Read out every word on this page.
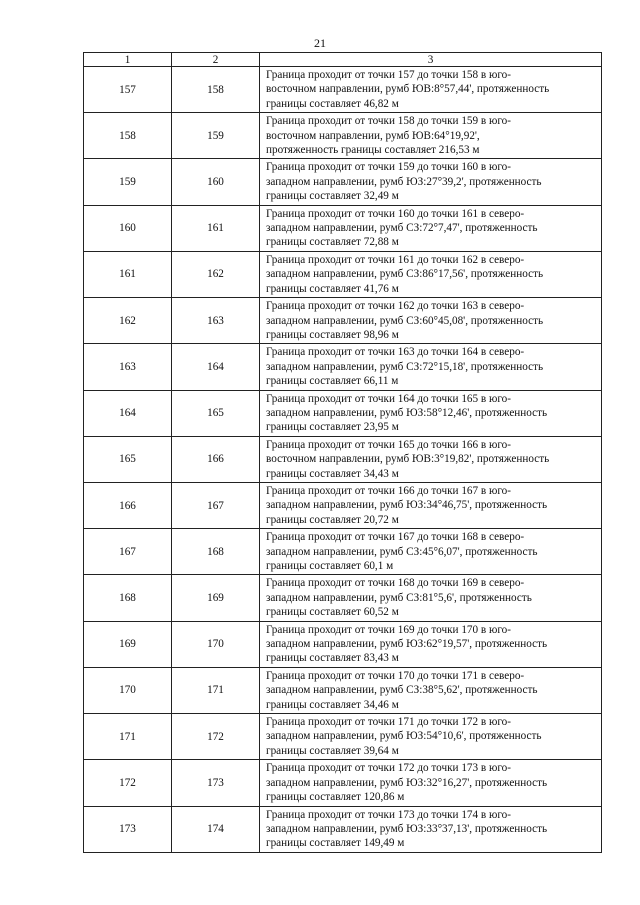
21
1	2	3
157	158	Граница проходит от точки 157 до точки 158 в юго-
восточном направлении, румб ЮВ:8°57,44', протяженность
границы составляет 46,82 м

158	159	Граница проходит от точки 158 до точки 159 в юго-
восточном направлении, румб ЮВ:64°19,92',
протяженность границы составляет 216,53 м

159	160	Граница проходит от точки 159 до точки 160 в юго-
западном направлении, румб ЮЗ:27°39,2', протяженность
границы составляет 32,49 м

160	161	Граница проходит от точки 160 до точки 161 в северо-
западном направлении, румб СЗ:72°7,47', протяженность
границы составляет 72,88 м

161	162	Граница проходит от точки 161 до точки 162 в северо-
западном направлении, румб СЗ:86°17,56', протяженность
границы составляет 41,76 м

162	163	Граница проходит от точки 162 до точки 163 в северо-
западном направлении, румб СЗ:60°45,08', протяженность
границы составляет 98,96 м

163	164	Граница проходит от точки 163 до точки 164 в северо-
западном направлении, румб СЗ:72°15,18', протяженность
границы составляет 66,11 м

164	165	Граница проходит от точки 164 до точки 165 в юго-
западном направлении, румб ЮЗ:58°12,46', протяженность
границы составляет 23,95 м

165	166	Граница проходит от точки 165 до точки 166 в юго-
восточном направлении, румб ЮВ:3°19,82', протяженность
границы составляет 34,43 м

166	167	Граница проходит от точки 166 до точки 167 в юго-
западном направлении, румб ЮЗ:34°46,75', протяженность
границы составляет 20,72 м

167	168	Граница проходит от точки 167 до точки 168 в северо-
западном направлении, румб СЗ:45°6,07', протяженность
границы составляет 60,1 м

168	169	Граница проходит от точки 168 до точки 169 в северо-
западном направлении, румб СЗ:81°5,6', протяженность
границы составляет 60,52 м

169	170	Граница проходит от точки 169 до точки 170 в юго-
западном направлении, румб ЮЗ:62°19,57', протяженность
границы составляет 83,43 м

170	171	Граница проходит от точки 170 до точки 171 в северо-
западном направлении, румб СЗ:38°5,62', протяженность
границы составляет 34,46 м

171	172	Граница проходит от точки 171 до точки 172 в юго-
западном направлении, румб ЮЗ:54°10,6', протяженность
границы составляет 39,64 м

172	173	Граница проходит от точки 172 до точки 173 в юго-
западном направлении, румб ЮЗ:32°16,27', протяженность
границы составляет 120,86 м

173	174	Граница проходит от точки 173 до точки 174 в юго-
западном направлении, румб ЮЗ:33°37,13', протяженность
границы составляет 149,49 м
